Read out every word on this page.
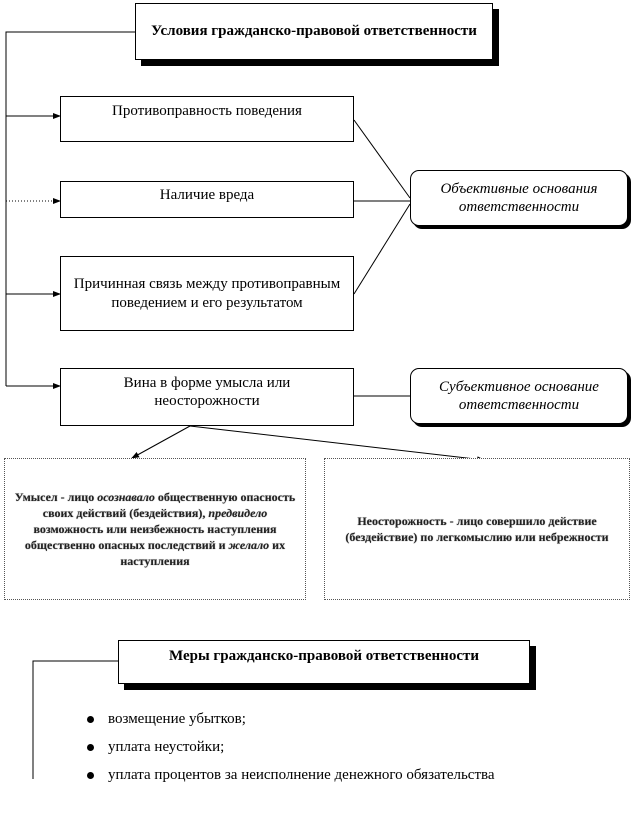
Условия гражданско-правовой ответственности
Противоправность поведения
Наличие вреда
Причинная связь между противоправным поведением и его результатом
Вина в форме умысла или неосторожности
Объективные основания ответственности
Субъективное основание ответственности
Умысел - лицо осознавало общественную опасность своих действий (бездействия), предвидело возможность или неизбежность наступления общественно опасных последствий и желало их наступления
Неосторожность - лицо совершило действие (бездействие) по легкомыслию или небрежности
Меры гражданско-правовой ответственности
возмещение убытков;
уплата неустойки;
уплата процентов за неисполнение денежного обязательства
